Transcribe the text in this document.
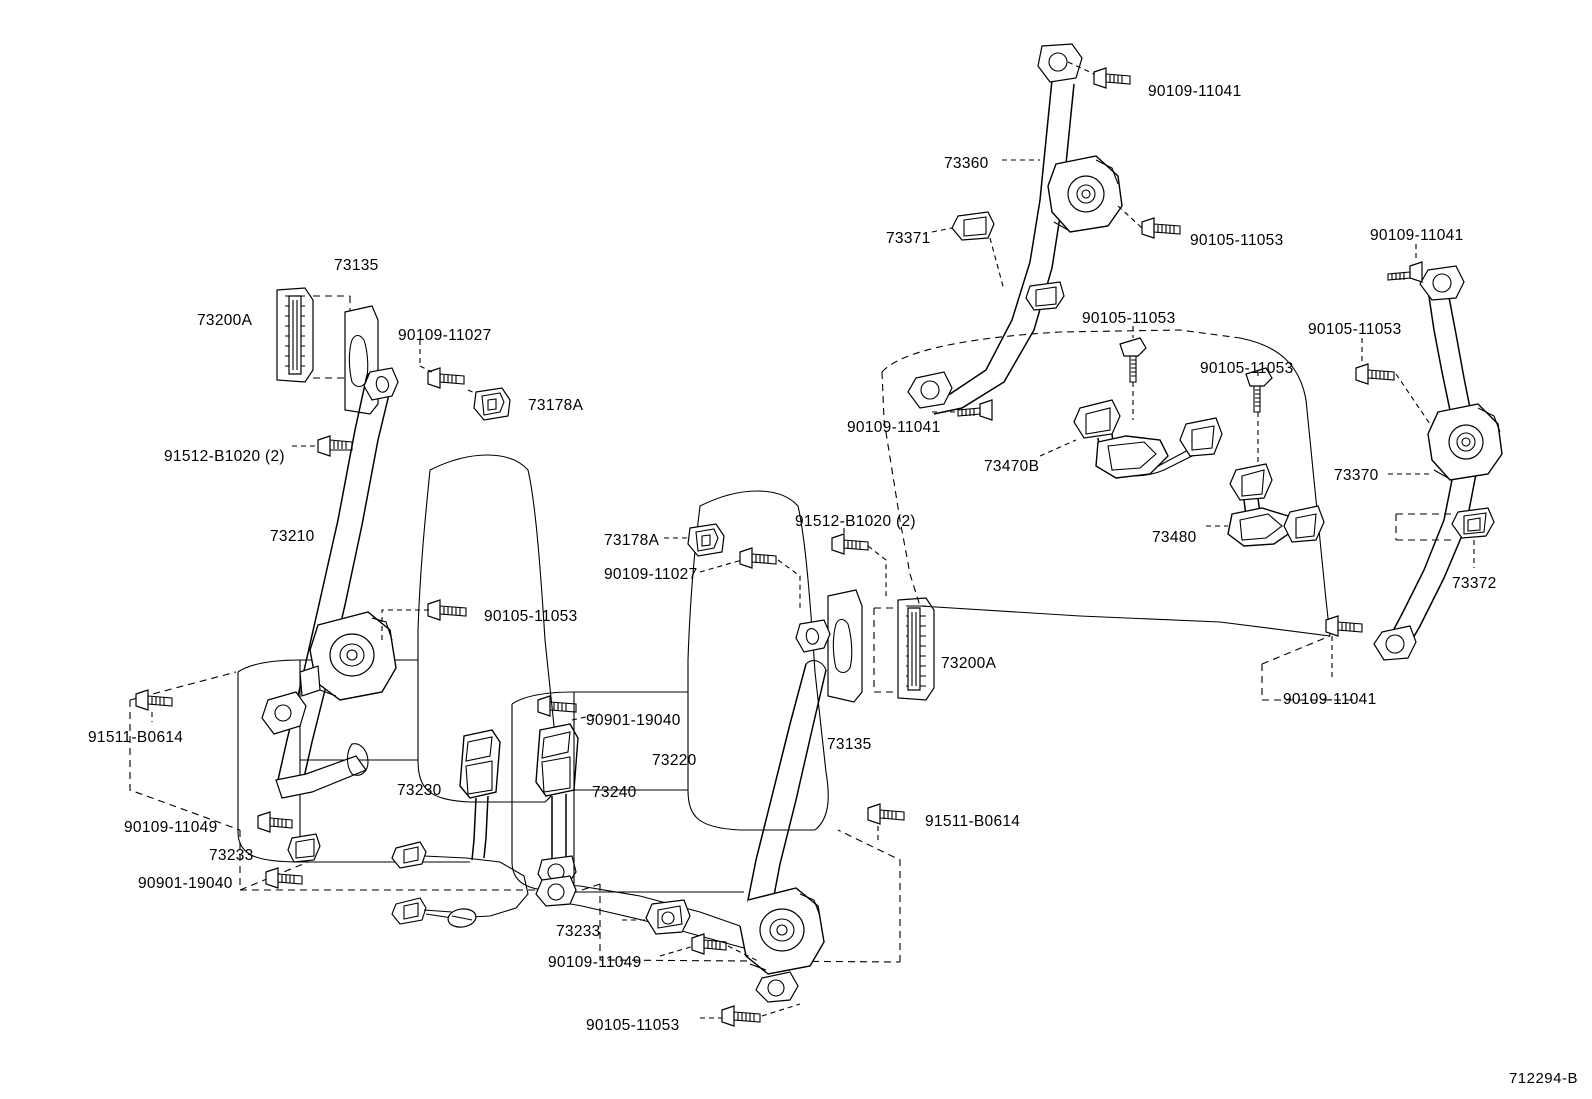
73135
73200A
90109-11027
73178A
91512-B1020 (2)
73210
90105-11053
91511-B0614
73230	73240
90109-11049
73233
90901-19040
73178A
90109-11027
91512-B1020 (2)
73200A
73135
73220
90901-19040
91511-B0614
73233
90109-11049
90105-11053
90109-11041
73360
73371	90105-11053	90109-11041
90105-11053
90105-11053
90105-11053
90109-11041
73470B
73370
73480
73372
90109-11041
712294-B
